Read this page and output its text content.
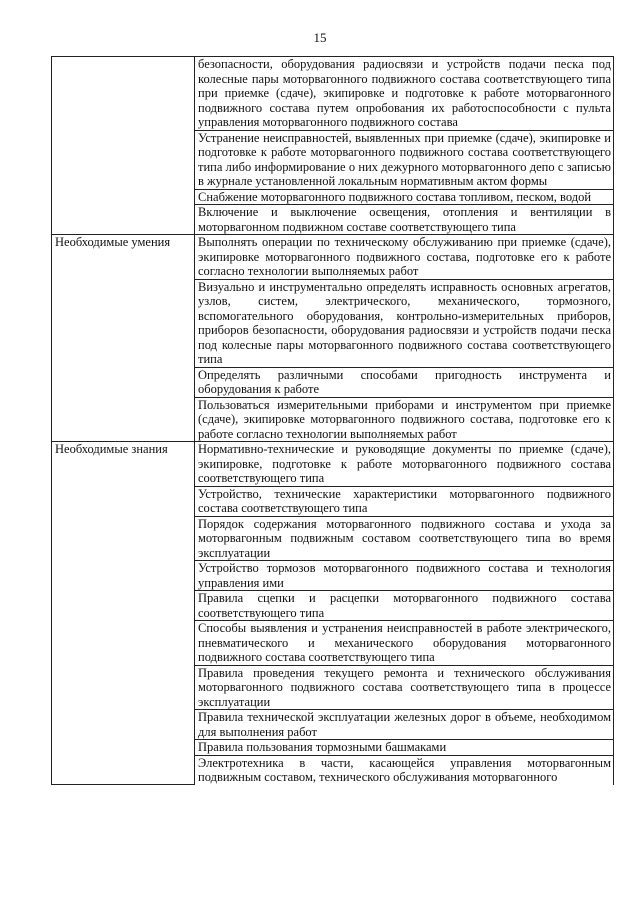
15
	безопасности, оборудования радиосвязи и устройств подачи песка под колесные пары моторвагонного подвижного состава соответствующего типа при приемке (сдаче), экипировке и подготовке к работе моторвагонного подвижного состава путем опробования их работоспособности с пульта управления моторвагонного подвижного состава
	Устранение неисправностей, выявленных при приемке (сдаче), экипировке и подготовке к работе моторвагонного подвижного состава соответствующего типа либо информирование о них дежурного моторвагонного депо с записью в журнале установленной локальным нормативным актом формы
	Снабжение моторвагонного подвижного состава топливом, песком, водой
	Включение и выключение освещения, отопления и вентиляции в моторвагонном подвижном составе соответствующего типа
Необходимые умения	Выполнять операции по техническому обслуживанию при приемке (сдаче), экипировке моторвагонного подвижного состава, подготовке его к работе согласно технологии выполняемых работ
	Визуально и инструментально определять исправность основных агрегатов, узлов, систем, электрического, механического, тормозного, вспомогательного оборудования, контрольно-измерительных приборов, приборов безопасности, оборудования радиосвязи и устройств подачи песка под колесные пары моторвагонного подвижного состава соответствующего типа
	Определять различными способами пригодность инструмента и оборудования к работе
	Пользоваться измерительными приборами и инструментом при приемке (сдаче), экипировке моторвагонного подвижного состава, подготовке его к работе согласно технологии выполняемых работ
Необходимые знания	Нормативно-технические и руководящие документы по приемке (сдаче), экипировке, подготовке к работе моторвагонного подвижного состава соответствующего типа
	Устройство, технические характеристики моторвагонного подвижного состава соответствующего типа
	Порядок содержания моторвагонного подвижного состава и ухода за моторвагонным подвижным составом соответствующего типа во время эксплуатации
	Устройство тормозов моторвагонного подвижного состава и технология управления ими
	Правила сцепки и расцепки моторвагонного подвижного состава соответствующего типа
	Способы выявления и устранения неисправностей в работе электрического, пневматического и механического оборудования моторвагонного подвижного состава соответствующего типа
	Правила проведения текущего ремонта и технического обслуживания моторвагонного подвижного состава соответствующего типа в процессе эксплуатации
	Правила технической эксплуатации железных дорог в объеме, необходимом для выполнения работ
	Правила пользования тормозными башмаками
	Электротехника в части, касающейся управления моторвагонным подвижным составом, технического обслуживания моторвагонного
